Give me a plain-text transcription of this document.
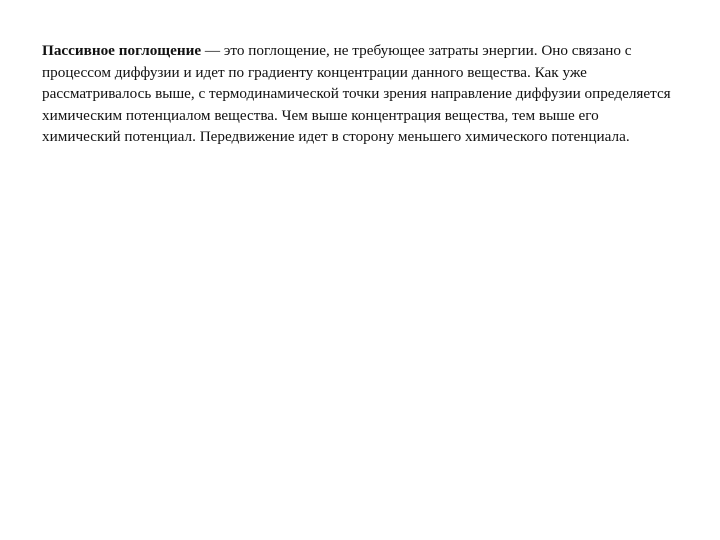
Пассивное поглощение — это поглощение, не требующее затраты энергии. Оно связано с процессом диффузии и идет по градиенту концентрации данного вещества. Как уже рассматривалось выше, с термодинамической точки зрения направление диффузии определяется химическим потенциалом вещества. Чем выше концентрация вещества, тем выше его химический потенциал. Передвижение идет в сторону меньшего химического потенциала.
